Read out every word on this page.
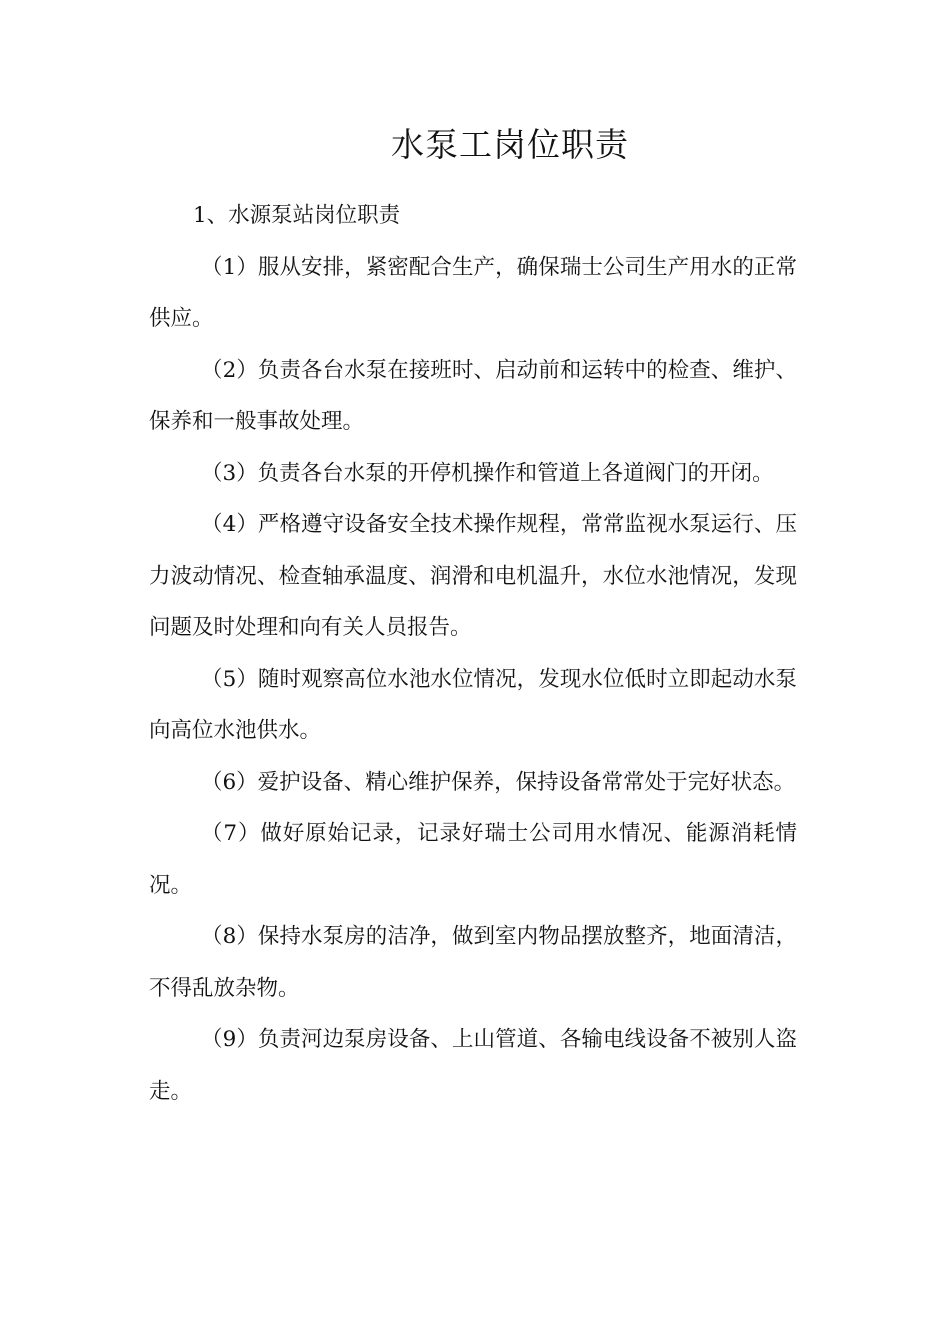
水泵工岗位职责

1、水源泵站岗位职责

（1）服从安排，紧密配合生产，确保瑞士公司生产用水的正常供应。

（2）负责各台水泵在接班时、启动前和运转中的检查、维护、保养和一般事故处理。

（3）负责各台水泵的开停机操作和管道上各道阀门的开闭。

（4）严格遵守设备安全技术操作规程，常常监视水泵运行、压力波动情况、检查轴承温度、润滑和电机温升，水位水池情况，发现问题及时处理和向有关人员报告。

（5）随时观察高位水池水位情况，发现水位低时立即起动水泵向高位水池供水。

（6）爱护设备、精心维护保养，保持设备常常处于完好状态。

（7）做好原始记录，记录好瑞士公司用水情况、能源消耗情况。

（8）保持水泵房的洁净，做到室内物品摆放整齐，地面清洁，不得乱放杂物。

（9）负责河边泵房设备、上山管道、各输电线设备不被别人盗走。
